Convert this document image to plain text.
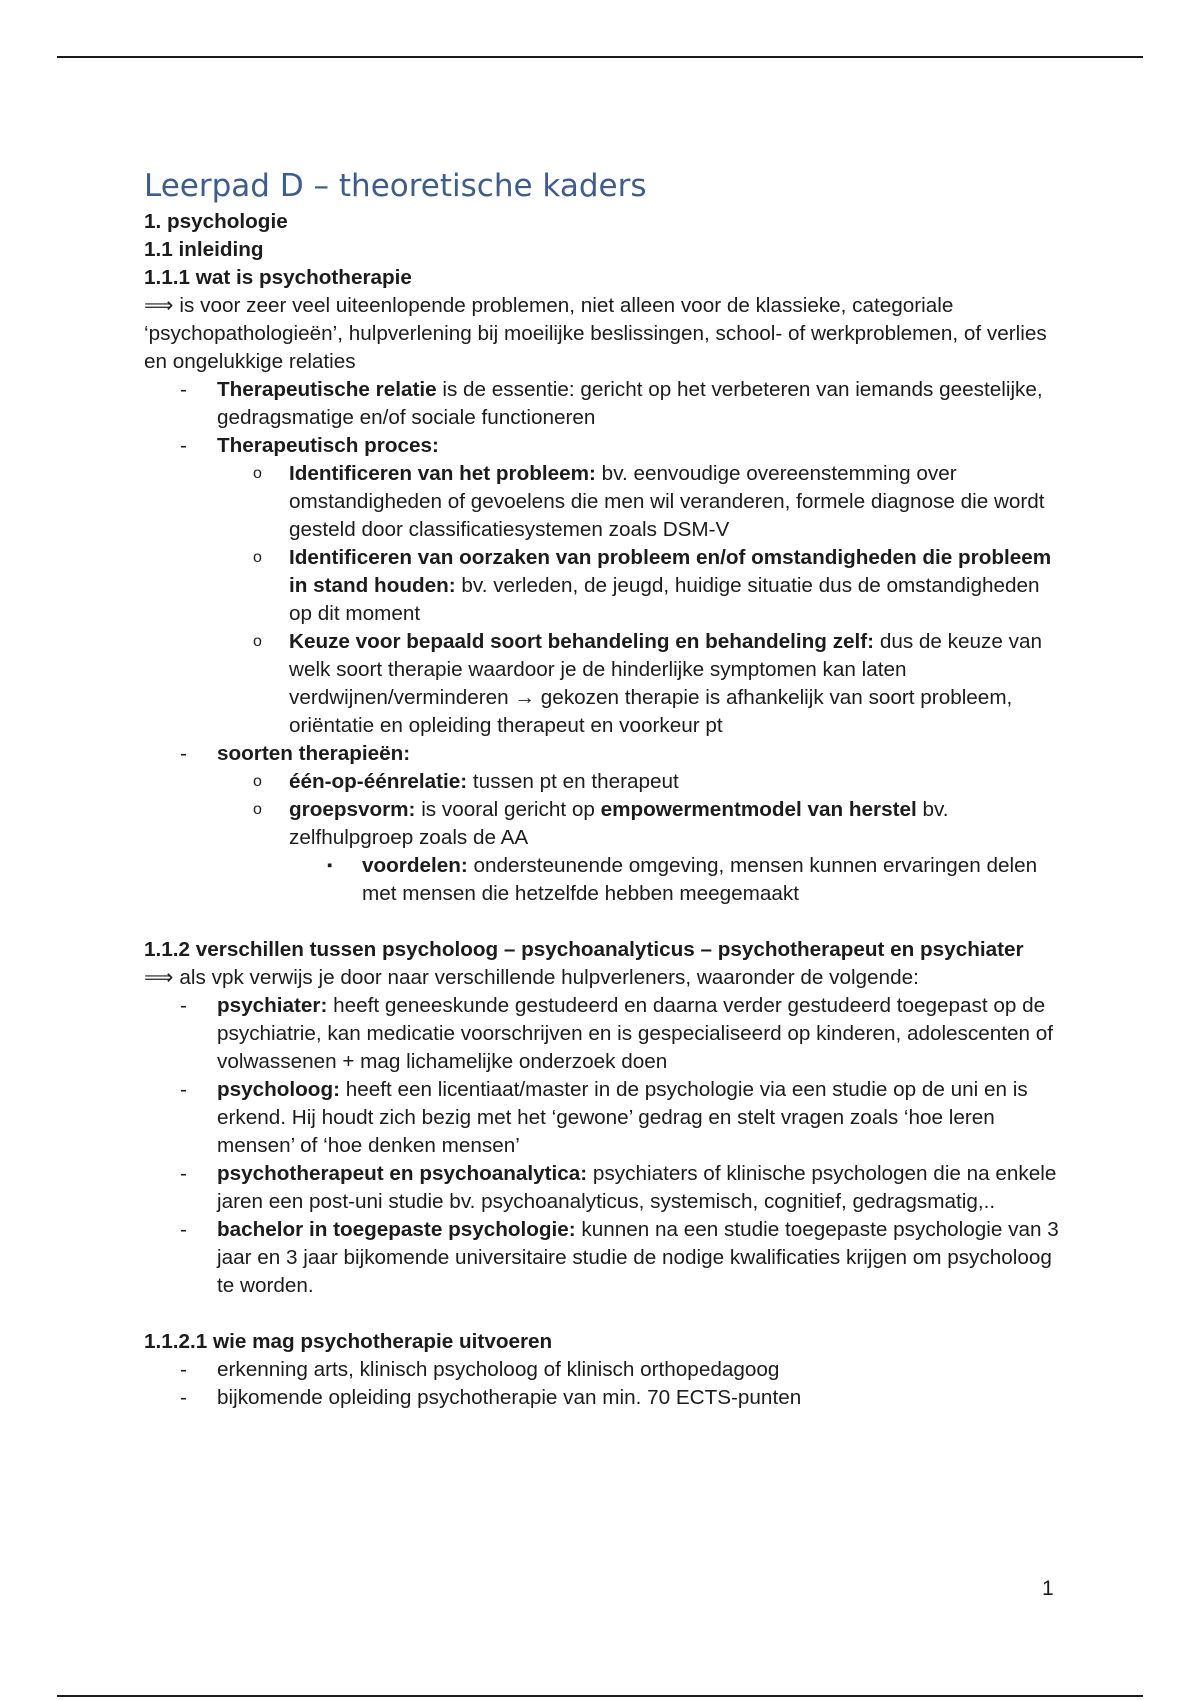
Leerpad D – theoretische kaders

1. psychologie

1.1 inleiding

1.1.1 wat is psychotherapie

⟹ is voor zeer veel uiteenlopende problemen, niet alleen voor de klassieke, categoriale ‘psychopathologieën’, hulpverlening bij moeilijke beslissingen, school- of werkproblemen, of verlies en ongelukkige relaties

- Therapeutische relatie is de essentie: gericht op het verbeteren van iemands geestelijke, gedragsmatige en/of sociale functioneren
- Therapeutisch proces:
o Identificeren van het probleem: bv. eenvoudige overeenstemming over omstandigheden of gevoelens die men wil veranderen, formele diagnose die wordt gesteld door classificatiesystemen zoals DSM-V
o Identificeren van oorzaken van probleem en/of omstandigheden die probleem in stand houden: bv. verleden, de jeugd, huidige situatie dus de omstandigheden op dit moment
o Keuze voor bepaald soort behandeling en behandeling zelf: dus de keuze van welk soort therapie waardoor je de hinderlijke symptomen kan laten verdwijnen/verminderen → gekozen therapie is afhankelijk van soort probleem, oriëntatie en opleiding therapeut en voorkeur pt
- soorten therapieën:
o één-op-éénrelatie: tussen pt en therapeut
o groepsvorm: is vooral gericht op empowermentmodel van herstel bv. zelfhulpgroep zoals de AA
▪ voordelen: ondersteunende omgeving, mensen kunnen ervaringen delen met mensen die hetzelfde hebben meegemaakt

1.1.2 verschillen tussen psycholoog – psychoanalyticus – psychotherapeut en psychiater

⟹ als vpk verwijs je door naar verschillende hulpverleners, waaronder de volgende:

- psychiater: heeft geneeskunde gestudeerd en daarna verder gestudeerd toegepast op de psychiatrie, kan medicatie voorschrijven en is gespecialiseerd op kinderen, adolescenten of volwassenen + mag lichamelijke onderzoek doen
- psycholoog: heeft een licentiaat/master in de psychologie via een studie op de uni en is erkend. Hij houdt zich bezig met het ‘gewone’ gedrag en stelt vragen zoals ‘hoe leren mensen’ of ‘hoe denken mensen’
- psychotherapeut en psychoanalytica: psychiaters of klinische psychologen die na enkele jaren een post-uni studie bv. psychoanalyticus, systemisch, cognitief, gedragsmatig,..
- bachelor in toegepaste psychologie: kunnen na een studie toegepaste psychologie van 3 jaar en 3 jaar bijkomende universitaire studie de nodige kwalificaties krijgen om psycholoog te worden.

1.1.2.1 wie mag psychotherapie uitvoeren

- erkenning arts, klinisch psycholoog of klinisch orthopedagoog
- bijkomende opleiding psychotherapie van min. 70 ECTS-punten
1
